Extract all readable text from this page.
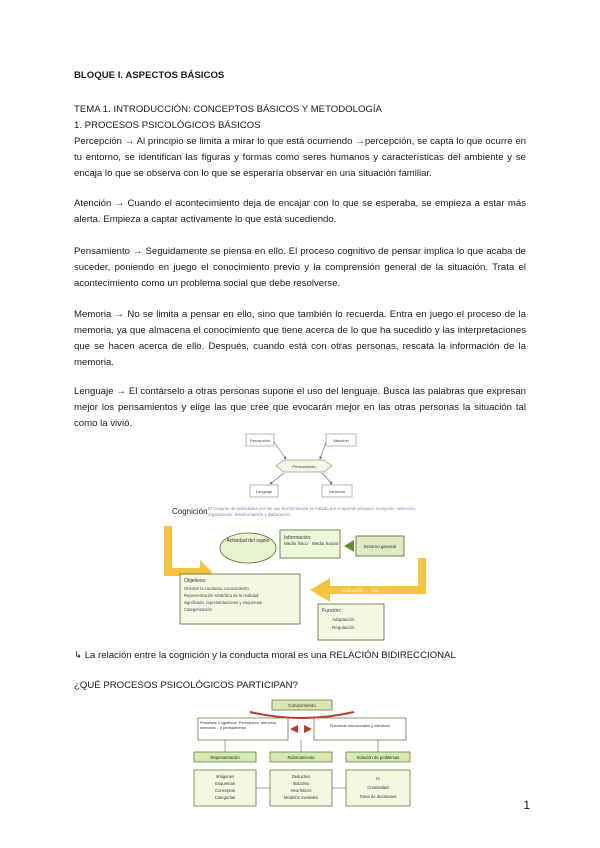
BLOQUE I. ASPECTOS BÁSICOS
TEMA 1. INTRODUCCIÓN: CONCEPTOS BÁSICOS Y METODOLOGÍA
1. PROCESOS PSICOLÓGICOS BÁSICOS
Percepción → Al principio se limita a mirar lo que está ocurriendo →percepción, se capta lo que ocurre en tu entorno, se identifican las figuras y formas como seres humanos y características del ambiente y se encaja lo que se observa con lo que se esperaría observar en una situación familiar.
Atención → Cuando el acontecimiento deja de encajar con lo que se esperaba, se empieza a estar más alerta. Empieza a captar activamente lo que está sucediendo.
Pensamiento → Seguidamente se piensa en ello. El proceso cognitivo de pensar implica lo que acaba de suceder, poniendo en juego el conocimiento previo y la comprensión general de la situación. Trata el acontecimiento como un problema social que debe resolverse.
Memoria → No se limita a pensar en ello, sino que también lo recuerda. Entra en juego el proceso de la memoria, ya que almacena el conocimiento que tiene acerca de lo que ha sucedido y las interpretaciones que se hacen acerca de ello. Después, cuando está con otras personas, rescata la información de la memoria.
Lenguaje → El contárselo a otras personas supone el uso del lenguaje. Busca las palabras que expresan mejor los pensamientos y elige las que cree que evocarán mejor en las otras personas la situación tal como la vivió.
Percepción	Atención
Pensamiento
Lenguaje	Memoria
Cognición El conjunto de actividades por las que la información es tratada por el aparato psíquico: recepción, selección, organización, transformación y elaboración.
Actividad del sujeto	Información:
Medio físico · Medio Social
Entorno general
Objetivos:
Orientar la conducta, conocimiento
Representación simbólica de la realidad:
significado, representaciones y esquemas
Categorización
Evaluación ← Uso
Función:
Adaptación
Regulación
↳ La relación entre la cognición y la conducta moral es una RELACIÓN BIDIRECCIONAL
¿QUÉ PROCESOS PSICOLÓGICOS PARTICIPAN?
Conocimiento
Procesos Cognitivos: Percepción, atención, memoria... y pensamiento	Procesos emocionales y afectivos
Representación	Razonamiento	Solución de problemas
Imágenes
Esquemas
Conceptos
Categorías
Deductivo
Inductivo
Heurísticos
Modelos mentales
IA
Creatividad
Toma de decisiones
1
